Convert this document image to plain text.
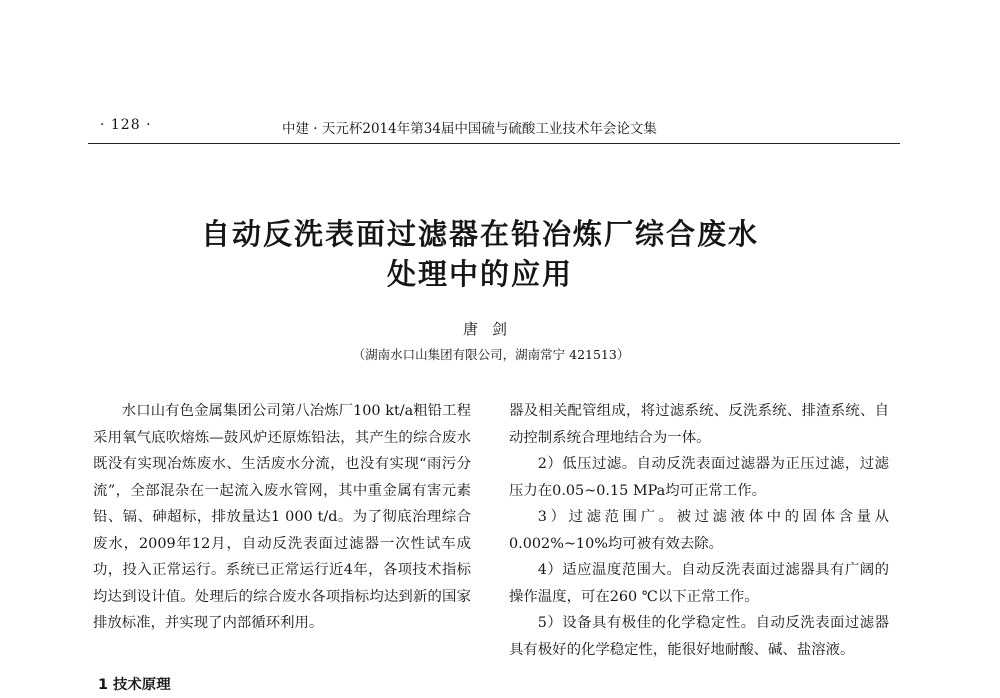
· 128 ·	中建 · 天元杯2014年第34届中国硫与硫酸工业技术年会论文集
自动反洗表面过滤器在铅冶炼厂综合废水
处理中的应用
唐剑
（湖南水口山集团有限公司，湖南常宁 421513）

水口山有色金属集团公司第八冶炼厂100 kt/a粗铅工程采用氧气底吹熔炼—鼓风炉还原炼铅法，其产生的综合废水既没有实现冶炼废水、生活废水分流，也没有实现“雨污分流”，全部混杂在一起流入废水管网，其中重金属有害元素铅、镉、砷超标，排放量达1 000 t/d。为了彻底治理综合废水，2009年12月，自动反洗表面过滤器一次性试车成功，投入正常运行。系统已正常运行近4年，各项技术指标均达到设计值。处理后的综合废水各项指标均达到新的国家排放标准，并实现了内部循环利用。

器及相关配管组成，将过滤系统、反洗系统、排渣系统、自动控制系统合理地结合为一体。

2）低压过滤。自动反洗表面过滤器为正压过滤，过滤压力在0.05~0.15 MPa均可正常工作。

3）过滤范围广。被过滤液体中的固体含量从0.002%~10%均可被有效去除。

4）适应温度范围大。自动反洗表面过滤器具有广阔的操作温度，可在260 ℃以下正常工作。

5）设备具有极佳的化学稳定性。自动反洗表面过滤器具有极好的化学稳定性，能很好地耐酸、碱、盐溶液。

1 技术原理
